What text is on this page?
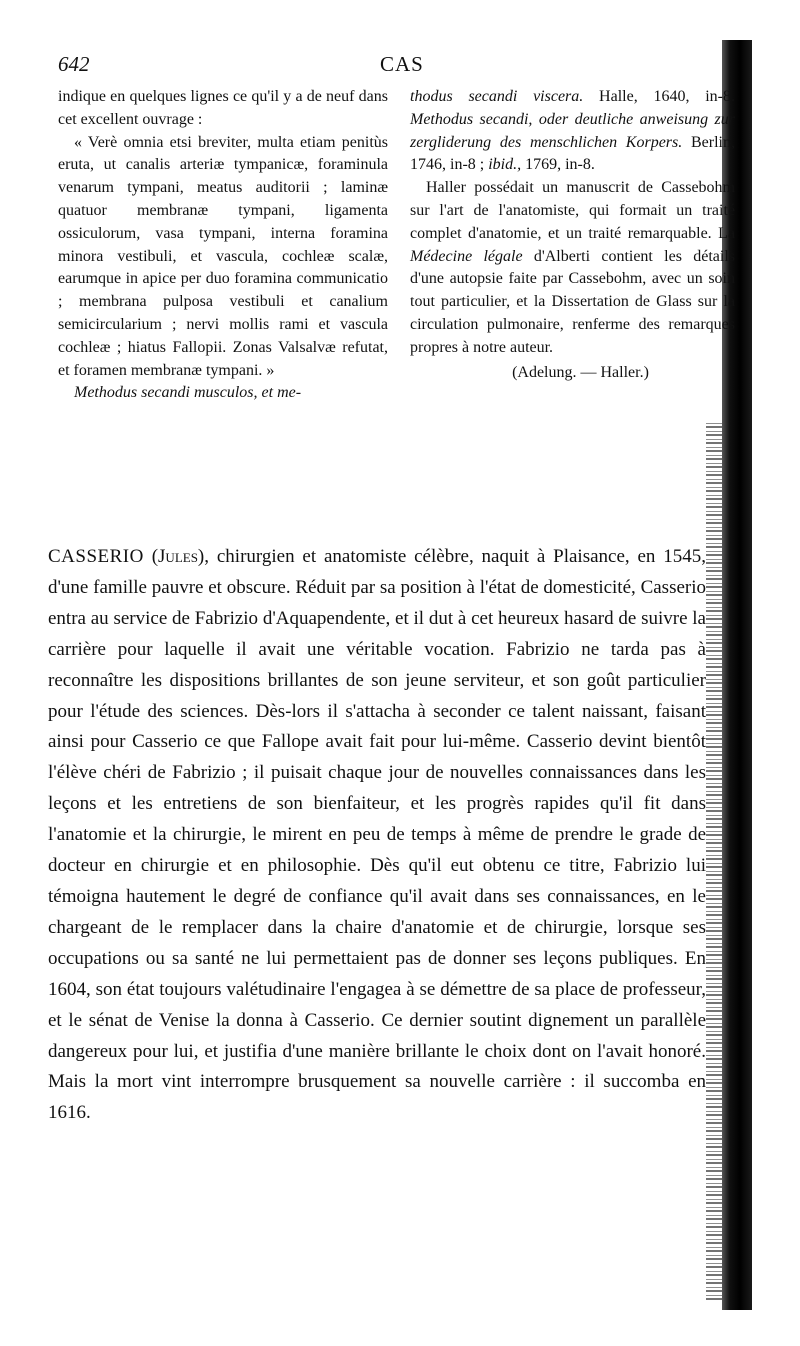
642	CAS

indique en quelques lignes ce qu'il y a de neuf dans cet excellent ouvrage :

« Verè omnia etsi breviter, multa etiam penitùs eruta, ut canalis arteriæ tympanicæ, foraminula venarum tympani, meatus auditorii ; laminæ quatuor membranæ tympani, ligamenta ossiculorum, vasa tympani, interna foramina minora vestibuli, et vascula, cochleæ scalæ, earumque in apice per duo foramina communicatio ; membrana pulposa vestibuli et canalium semicircularium ; nervi mollis rami et vascula cochleæ ; hiatus Fallopii. Zonas Valsalvæ refutat, et foramen membranæ tympani. »

Methodus secandi musculos, et me-

thodus secandi viscera. Halle, 1640, in-8. Methodus secandi, oder deutliche anweisung zur zergliderung des menschlichen Korpers. Berlin, 1746, in-8 ; ibid., 1769, in-8.

Haller possédait un manuscrit de Cassebohm sur l'art de l'anatomiste, qui formait un traité complet d'anatomie, et un traité remarquable. La Médecine légale d'Alberti contient les détails d'une autopsie faite par Cassebohm, avec un soin tout particulier, et la Dissertation de Glass sur la circulation pulmonaire, renferme des remarques propres à notre auteur.

(Adelung. — Haller.)

CASSERIO (Jules), chirurgien et anatomiste célèbre, naquit à Plaisance, en 1545, d'une famille pauvre et obscure. Réduit par sa position à l'état de domesticité, Casserio entra au service de Fabrizio d'Aquapendente, et il dut à cet heureux hasard de suivre la carrière pour laquelle il avait une véritable vocation. Fabrizio ne tarda pas à reconnaître les dispositions brillantes de son jeune serviteur, et son goût particulier pour l'étude des sciences. Dès-lors il s'attacha à seconder ce talent naissant, faisant ainsi pour Casserio ce que Fallope avait fait pour lui-même. Casserio devint bientôt l'élève chéri de Fabrizio ; il puisait chaque jour de nouvelles connaissances dans les leçons et les entretiens de son bienfaiteur, et les progrès rapides qu'il fit dans l'anatomie et la chirurgie, le mirent en peu de temps à même de prendre le grade de docteur en chirurgie et en philosophie. Dès qu'il eut obtenu ce titre, Fabrizio lui témoigna hautement le degré de confiance qu'il avait dans ses connaissances, en le chargeant de le remplacer dans la chaire d'anatomie et de chirurgie, lorsque ses occupations ou sa santé ne lui permettaient pas de donner ses leçons publiques. En 1604, son état toujours valétudinaire l'engagea à se démettre de sa place de professeur, et le sénat de Venise la donna à Casserio. Ce dernier soutint dignement un parallèle dangereux pour lui, et justifia d'une manière brillante le choix dont on l'avait honoré. Mais la mort vint interrompre brusquement sa nouvelle carrière : il succomba en 1616.
